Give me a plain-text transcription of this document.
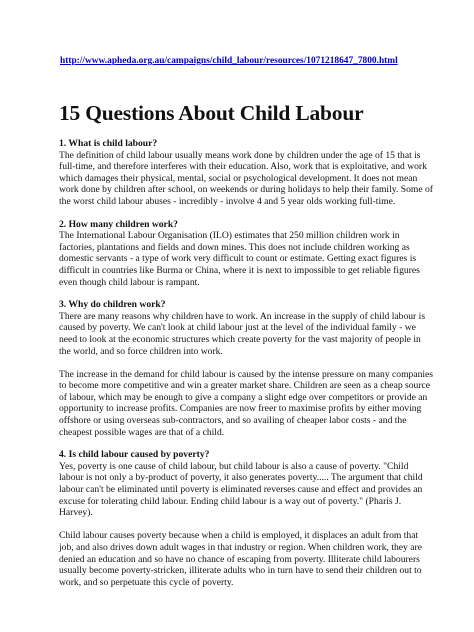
http://www.apheda.org.au/campaigns/child_labour/resources/1071218647_7800.html
15 Questions About Child Labour

1. What is child labour?

The definition of child labour usually means work done by children under the age of 15 that is full-time, and therefore interferes with their education. Also, work that is exploitative, and work which damages their physical, mental, social or psychological development. It does not mean work done by children after school, on weekends or during holidays to help their family. Some of the worst child labour abuses - incredibly - involve 4 and 5 year olds working full-time.

2. How many children work?

The International Labour Organisation (ILO) estimates that 250 million children work in factories, plantations and fields and down mines. This does not include children working as domestic servants - a type of work very difficult to count or estimate. Getting exact figures is difficult in countries like Burma or China, where it is next to impossible to get reliable figures even though child labour is rampant.

3. Why do children work?

There are many reasons why children have to work. An increase in the supply of child labour is caused by poverty. We can't look at child labour just at the level of the individual family - we need to look at the economic structures which create poverty for the vast majority of people in the world, and so force children into work.

The increase in the demand for child labour is caused by the intense pressure on many companies to become more competitive and win a greater market share. Children are seen as a cheap source of labour, which may be enough to give a company a slight edge over competitors or provide an opportunity to increase profits. Companies are now freer to maximise profits by either moving offshore or using overseas sub-contractors, and so availing of cheaper labor costs - and the cheapest possible wages are that of a child.

4. Is child labour caused by poverty?

Yes, poverty is one cause of child labour, but child labour is also a cause of poverty. "Child labour is not only a by-product of poverty, it also generates poverty..... The argument that child labour can't be eliminated until poverty is eliminated reverses cause and effect and provides an excuse for tolerating child labour. Ending child labour is a way out of poverty." (Pharis J. Harvey).

Child labour causes poverty because when a child is employed, it displaces an adult from that job, and also drives down adult wages in that industry or region. When children work, they are denied an education and so have no chance of escaping from poverty. Illiterate child labourers usually become poverty-stricken, illiterate adults who in turn have to send their children out to work, and so perpetuate this cycle of poverty.
